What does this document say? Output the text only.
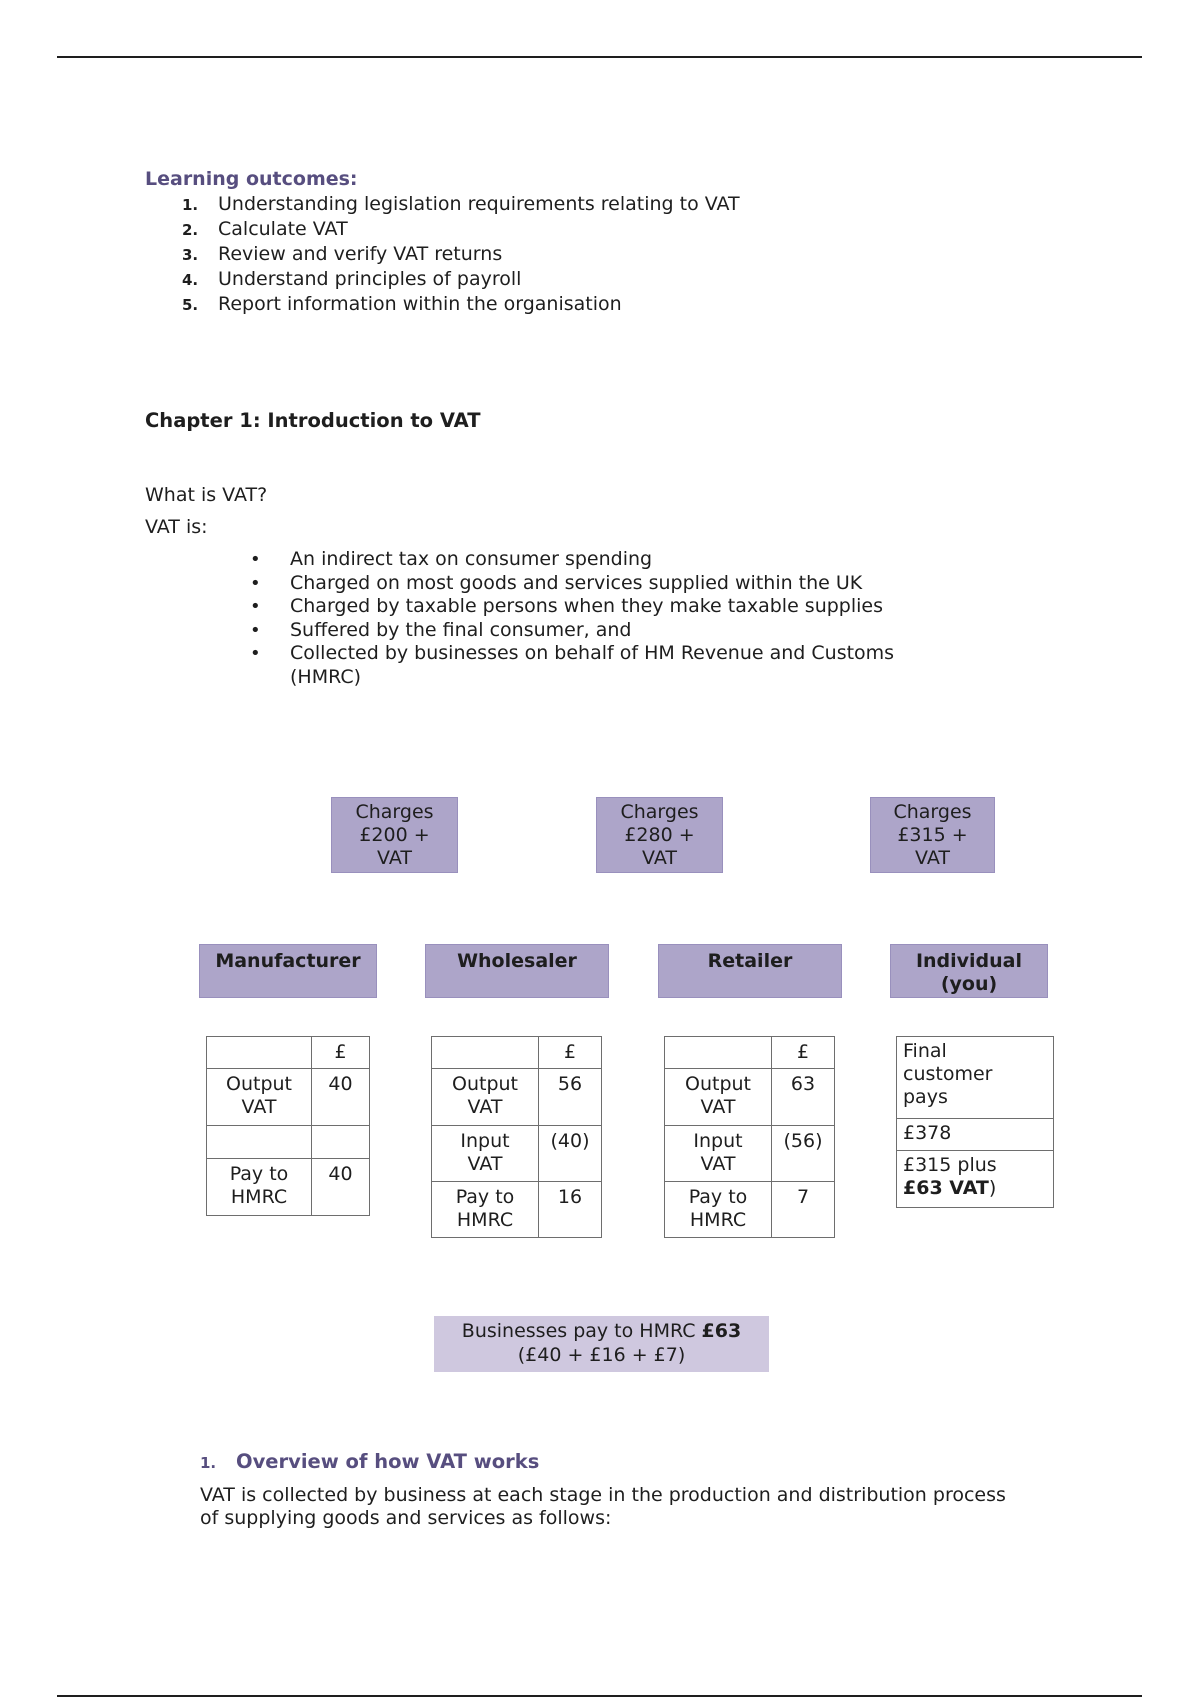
Learning outcomes:
1. Understanding legislation requirements relating to VAT
2. Calculate VAT
3. Review and verify VAT returns
4. Understand principles of payroll
5. Report information within the organisation
Chapter 1: Introduction to VAT
What is VAT?
VAT is:
• An indirect tax on consumer spending
• Charged on most goods and services supplied within the UK
• Charged by taxable persons when they make taxable supplies
• Suffered by the final consumer, and
• Collected by businesses on behalf of HM Revenue and Customs (HMRC)
Charges
£200 +
VAT
Charges
£280 +
VAT
Charges
£315 +
VAT
Manufacturer	Wholesaler	Retailer	Individual
(you)
	£

Output
VAT	40

Pay to
HMRC	40
	£

Output
VAT	56

Input
VAT	(40)

Pay to
HMRC	16
	£

Output
VAT	63

Input
VAT	(56)

Pay to
HMRC	7
Final
customer
pays

£378

£315 plus
£63 VAT)
Businesses pay to HMRC £63
(£40 + £16 + £7)
1. Overview of how VAT works
VAT is collected by business at each stage in the production and distribution process of supplying goods and services as follows:
